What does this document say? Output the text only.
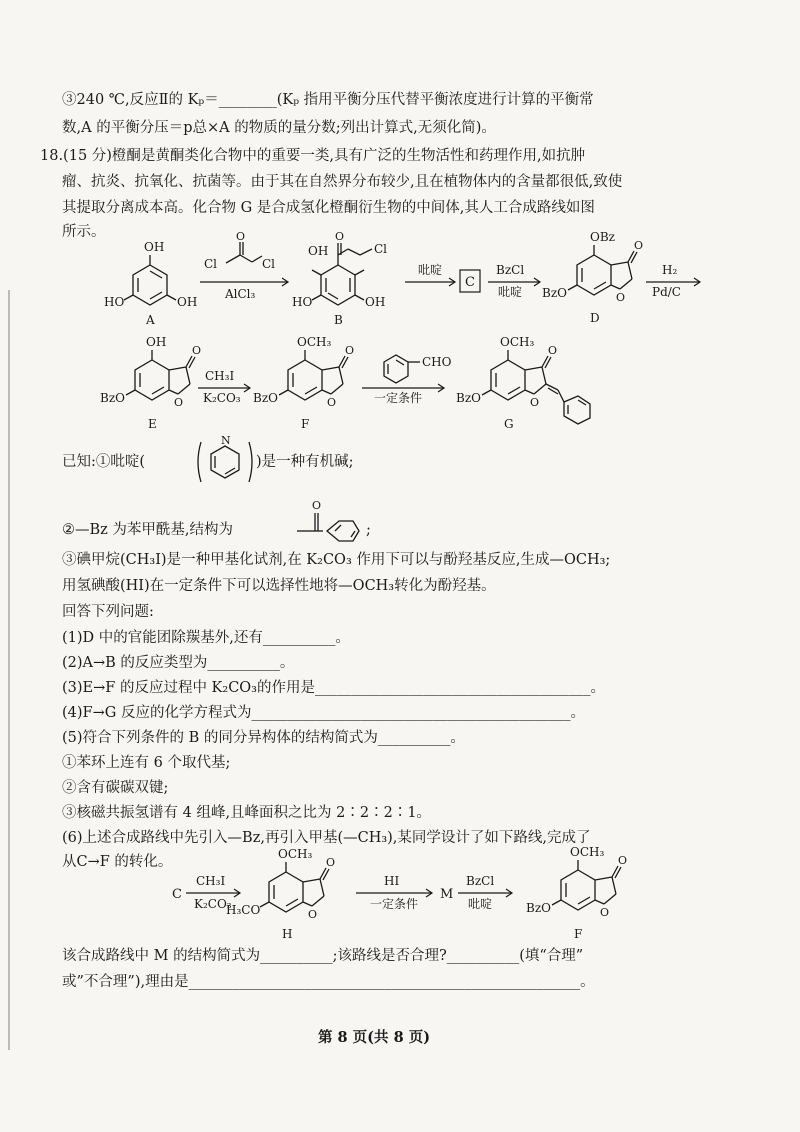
③240 ℃,反应Ⅱ的 Kₚ＝________(Kₚ 指用平衡分压代替平衡浓度进行计算的平衡常
数,A 的平衡分压＝p总×A 的物质的量分数;列出计算式,无须化简)。
18.(15 分)橙酮是黄酮类化合物中的重要一类,具有广泛的生物活性和药理作用,如抗肿
瘤、抗炎、抗氧化、抗菌等。由于其在自然界分布较少,且在植物体内的含量都很低,致使
其提取分离成本高。化合物 G 是合成氢化橙酮衍生物的中间体,其人工合成路线如图
所示。
OH
OH
HO
A
O
Cl	Cl
AlCl₃
OH
O
Cl
OH
HO
B
吡啶
C
BzCl
吡啶
OBz
O
O
BzO
D
H₂
Pd/C
OH
O
O
BzO
E
CH₃I
K₂CO₃
OCH₃
O
O
BzO
F
CHO
一定条件
OCH₃
O
O
BzO
G
N
O
C
CH₃I
K₂CO₃
OCH₃
O
O
H₃CO
H
HI
一定条件
M
BzCl
吡啶
OCH₃
O
O
BzO
F
已知:①吡啶(	)是一种有机碱;
②—Bz 为苯甲酰基,结构为	;
③碘甲烷(CH₃I)是一种甲基化试剂,在 K₂CO₃ 作用下可以与酚羟基反应,生成—OCH₃;
用氢碘酸(HI)在一定条件下可以选择性地将—OCH₃转化为酚羟基。
回答下列问题:
(1)D 中的官能团除羰基外,还有__________。
(2)A→B 的反应类型为__________。
(3)E→F 的反应过程中 K₂CO₃的作用是______________________________________。
(4)F→G 反应的化学方程式为____________________________________________。
(5)符合下列条件的 B 的同分异构体的结构简式为__________。
①苯环上连有 6 个取代基;
②含有碳碳双键;
③核磁共振氢谱有 4 组峰,且峰面积之比为 2∶2∶2∶1。
(6)上述合成路线中先引入—Bz,再引入甲基(—CH₃),某同学设计了如下路线,完成了
从C→F 的转化。
该合成路线中 M 的结构简式为__________;该路线是否合理?__________(填“合理”
或”不合理”),理由是______________________________________________________。
第 8 页(共 8 页)
